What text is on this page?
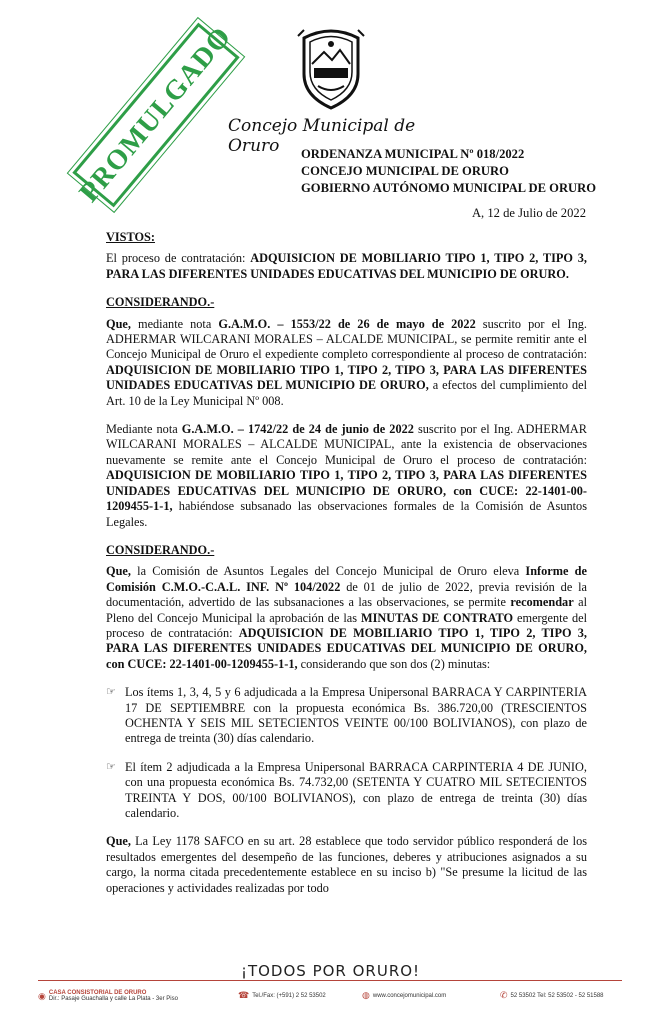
PROMULGADO
Concejo Municipal de Oruro	ORDENANZA MUNICIPAL Nº 018/2022
CONCEJO MUNICIPAL DE ORURO
GOBIERNO AUTÓNOMO MUNICIPAL DE ORURO
A, 12 de Julio de 2022
VISTOS:

El proceso de contratación: ADQUISICION DE MOBILIARIO TIPO 1, TIPO 2, TIPO 3, PARA LAS DIFERENTES UNIDADES EDUCATIVAS DEL MUNICIPIO DE ORURO.

CONSIDERANDO.-

Que, mediante nota G.A.M.O. – 1553/22 de 26 de mayo de 2022 suscrito por el Ing. ADHERMAR WILCARANI MORALES – ALCALDE MUNICIPAL, se permite remitir ante el Concejo Municipal de Oruro el expediente completo correspondiente al proceso de contratación: ADQUISICION DE MOBILIARIO TIPO 1, TIPO 2, TIPO 3, PARA LAS DIFERENTES UNIDADES EDUCATIVAS DEL MUNICIPIO DE ORURO, a efectos del cumplimiento del Art. 10 de la Ley Municipal Nº 008.

Mediante nota G.A.M.O. – 1742/22 de 24 de junio de 2022 suscrito por el Ing. ADHERMAR WILCARANI MORALES – ALCALDE MUNICIPAL, ante la existencia de observaciones nuevamente se remite ante el Concejo Municipal de Oruro el proceso de contratación: ADQUISICION DE MOBILIARIO TIPO 1, TIPO 2, TIPO 3, PARA LAS DIFERENTES UNIDADES EDUCATIVAS DEL MUNICIPIO DE ORURO, con CUCE: 22-1401-00-1209455-1-1, habiéndose subsanado las observaciones formales de la Comisión de Asuntos Legales.

CONSIDERANDO.-

Que, la Comisión de Asuntos Legales del Concejo Municipal de Oruro eleva Informe de Comisión C.M.O.-C.A.L. INF. Nº 104/2022 de 01 de julio de 2022, previa revisión de la documentación, advertido de las subsanaciones a las observaciones, se permite recomendar al Pleno del Concejo Municipal la aprobación de las MINUTAS DE CONTRATO emergente del proceso de contratación: ADQUISICION DE MOBILIARIO TIPO 1, TIPO 2, TIPO 3, PARA LAS DIFERENTES UNIDADES EDUCATIVAS DEL MUNICIPIO DE ORURO, con CUCE: 22-1401-00-1209455-1-1, considerando que son dos (2) minutas:

☞ Los ítems 1, 3, 4, 5 y 6 adjudicada a la Empresa Unipersonal BARRACA Y CARPINTERIA 17 DE SEPTIEMBRE con la propuesta económica Bs. 386.720,00 (TRESCIENTOS OCHENTA Y SEIS MIL SETECIENTOS VEINTE 00/100 BOLIVIANOS), con plazo de entrega de treinta (30) días calendario.
☞ El ítem 2 adjudicada a la Empresa Unipersonal BARRACA CARPINTERIA 4 DE JUNIO, con una propuesta económica Bs. 74.732,00 (SETENTA Y CUATRO MIL SETECIENTOS TREINTA Y DOS, 00/100 BOLIVIANOS), con plazo de entrega de treinta (30) días calendario.

Que, La Ley 1178 SAFCO en su art. 28 establece que todo servidor público responderá de los resultados emergentes del desempeño de las funciones, deberes y atribuciones asignados a su cargo, la norma citada precedentemente establece en su inciso b) "Se presume la licitud de las operaciones y actividades realizadas por todo

¡TODOS POR ORURO!
◉ CASA CONSISTORIAL DE ORURO
Dir.: Pasaje Guachalla y calle La Plata - 3er Piso	☎ Tel./Fax: (+591) 2 52 53502	◍ www.concejomunicipal.com	✆ 52 53502 Tel: 52 53502 - 52 51588
